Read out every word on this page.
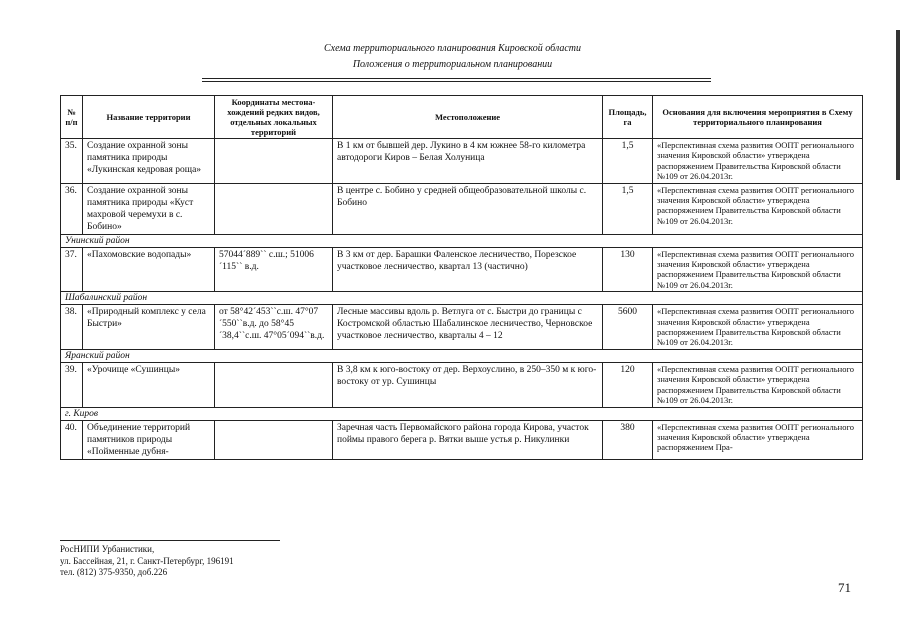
Схема территориального планирования Кировской области
Положения о территориальном планировании
№ п/п	Название территории	Координаты местона-хождений редких видов, отдельных локальных территорий	Местоположение	Площадь, га	Основания для включения мероприятия в Схему территориального планирования
35.	Создание охранной зоны памятника природы «Лукинская кедровая роща»		В 1 км от бывшей дер. Лукино в 4 км южнее 58-го километра автодороги Киров – Белая Холуница	1,5	«Перспективная схема развития ООПТ регионального значения Кировской области» утверждена распоряжением Правительства Кировской области №109 от 26.04.2013г.
36.	Создание охранной зоны памятника природы «Куст махровой черемухи в с. Бобино»		В центре с. Бобино у средней общеобразовательной школы с. Бобино	1,5	«Перспективная схема развития ООПТ регионального значения Кировской области» утверждена распоряжением Правительства Кировской области №109 от 26.04.2013г.
Унинский район					
37.	«Пахомовские водопады»	57044´889`` с.ш.; 51006´115`` в.д.	В 3 км от дер. Барашки Фаленское лесничество, Порезское участковое лесничество, квартал 13 (частично)	130	«Перспективная схема развития ООПТ регионального значения Кировской области» утверждена распоряжением Правительства Кировской области №109 от 26.04.2013г.
Шабалинский район					
38.	«Природный комплекс у села Быстри»	от 58°42´453``с.ш. 47°07´550``в.д. до 58°45´38,4``с.ш. 47°05´094``в.д.	Лесные массивы вдоль р. Ветлуга от с. Быстри до границы с Костромской областью Шабалинское лесничество, Черновское участковое лесничество, кварталы 4 – 12	5600	«Перспективная схема развития ООПТ регионального значения Кировской области» утверждена распоряжением Правительства Кировской области №109 от 26.04.2013г.
Яранский район					
39.	«Урочище «Сушинцы»		В 3,8 км к юго-востоку от дер. Верхоуслино, в 250–350 м к юго-востоку от ур. Сушинцы	120	«Перспективная схема развития ООПТ регионального значения Кировской области» утверждена распоряжением Правительства Кировской области №109 от 26.04.2013г.
г. Киров					
40.	Объединение территорий памятников природы «Пойменные дубня-		Заречная часть Первомайского района города Кирова, участок поймы правого берега р. Вятки выше устья р. Никулинки	380	«Перспективная схема развития ООПТ регионального значения Кировской области» утверждена распоряжением Пра-
РосНИПИ Урбанистики,
ул. Бассейная, 21, г. Санкт-Петербург, 196191
тел. (812) 375-9350, доб.226
71
